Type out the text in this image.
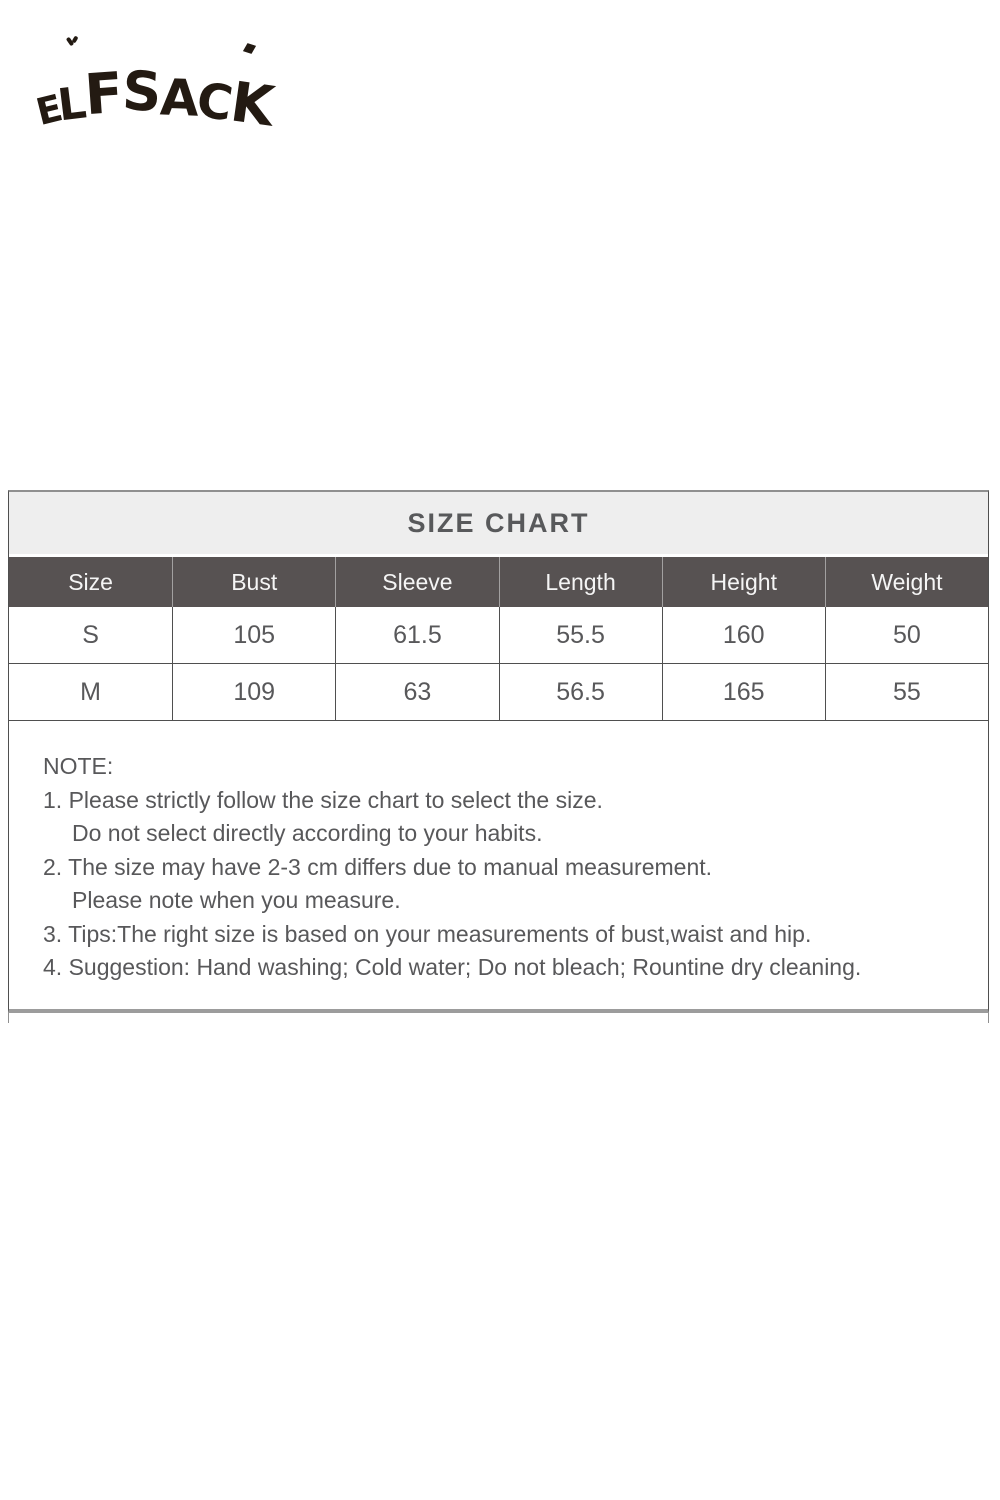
E
L
F
S
A
C
K
SIZE CHART
Size	Bust	Sleeve	Length	Height	Weight
S	105	61.5	55.5	160	50
M	109	63	56.5	165	55
NOTE:
1. Please strictly follow the size chart to select the size.
Do not select directly according to your habits.
2. The size may have 2-3 cm differs due to manual measurement.
Please note when you measure.
3. Tips:The right size is based on your measurements of bust,waist and hip.
4. Suggestion: Hand washing; Cold water; Do not bleach; Rountine dry cleaning.
